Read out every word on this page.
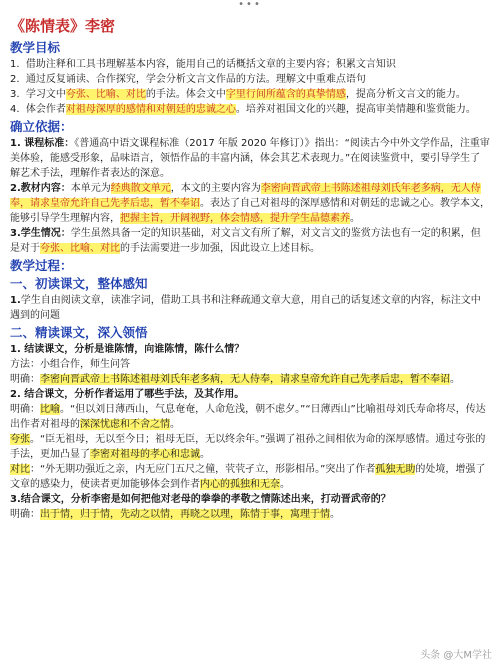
•••
《陈情表》李密
教学目标

1. 借助注释和工具书理解基本内容，能用自己的话概括文章的主要内容；积累文言知识

2. 通过反复诵读、合作探究，学会分析文言文作品的方法。理解文中重难点语句

3. 学习文中夸张、比喻、对比的手法。体会文中字里行间所蕴含的真挚情感，提高分析文言文的能力。

4. 体会作者对祖母深厚的感情和对朝廷的忠诚之心。培养对祖国文化的兴趣，提高审美情趣和鉴赏能力。

确立依据：

1. 课程标准：《普通高中语文课程标准（2017 年版 2020 年修订）》指出：“阅读古今中外文学作品，注重审美体验，能感受形象，品味语言，领悟作品的丰富内涵，体会其艺术表现力。”在阅读鉴赏中，要引导学生了解艺术手法，理解作者表达的深意。

2.教材内容：本单元为经典散文单元，本文的主要内容为李密向晋武帝上书陈述祖母刘氏年老多病，无人侍奉，请求皇帝允许自己先孝后忠，暂不奉诏。表达了自己对祖母的深厚感情和对朝廷的忠诚之心。教学本文，能够引导学生理解内容，把握主旨，开阔视野，体会情感，提升学生品德素养。

3.学生情况：学生虽然具备一定的知识基础，对文言文有所了解，对文言文的鉴赏方法也有一定的积累，但是对于夸张、比喻、对比的手法需要进一步加强，因此设立上述目标。

教学过程：
一、初读课文，整体感知

1.学生自由阅读文章，读准字词，借助工具书和注释疏通文章大意，用自己的话复述文章的内容，标注文中遇到的问题

二、精读课文，深入领悟

1. 结读课文，分析是谁陈情，向谁陈情，陈什么情？

方法：小组合作，师生问答

明确：李密向晋武帝上书陈述祖母刘氏年老多病，无人侍奉，请求皇帝允许自己先孝后忠，暂不奉诏。

2. 结合课文，分析作者运用了哪些手法，及其作用。

明确：比喻。“但以刘日薄西山，气息奄奄，人命危浅，朝不虑夕。”“日薄西山”比喻祖母刘氏寿命将尽，传达出作者对祖母的深深忧虑和不舍之情。

夸张。“臣无祖母，无以至今日；祖母无臣，无以终余年。”强调了祖孙之间相依为命的深厚感情。通过夸张的手法，更加凸显了李密对祖母的孝心和忠诚。

对比：“外无期功强近之亲，内无应门五尺之僮，茕茕孑立，形影相吊。”突出了作者孤独无助的处境，增强了文章的感染力，使读者更加能够体会到作者内心的孤独和无奈。

3.结合课文，分析李密是如何把他对老母的拳拳的孝敬之情陈述出来，打动晋武帝的？

明确：出于情，归于情，先动之以情，再晓之以理，陈情于事，寓理于情。

头条 @大M学社
